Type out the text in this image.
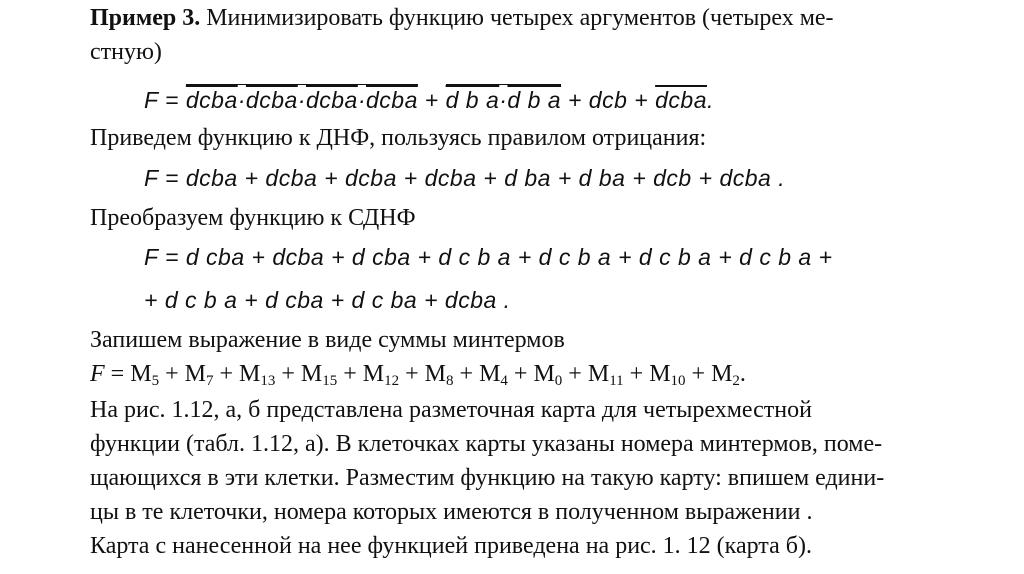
Пример 3. Минимизировать функцию четырех аргументов (четырех ме-
стную)
F = dcba·dcba·dcba·dcba + d b a·d b a + dcb + dcba.
Приведем функцию к ДНФ, пользуясь правилом отрицания:
F = dcba + dcba + dcba + dcba + d ba + d ba + dcb + dcba .
Преобразуем функцию к СДНФ
F = d cba + dcba + d cba + d c b a + d c b a + d c b a + d c b a +
+ d c b a + d cba + d c ba + dcba .
Запишем выражение в виде суммы минтермов
$F = M_5 + M_7 + M_{13} + M_{15} + M_{12} + M_8 + M_4 + M_0 + M_{11} + M_{10} + M_2$.
На рис. 1.12, а, б представлена разметочная карта для четырехместной
функции (табл. 1.12, а). В клеточках карты указаны номера минтермов, поме-
щающихся в эти клетки. Разместим функцию на такую карту: впишем едини-
цы в те клеточки, номера которых имеются в полученном выражении .
Карта с нанесенной на нее функцией приведена на рис. 1. 12 (карта б).
